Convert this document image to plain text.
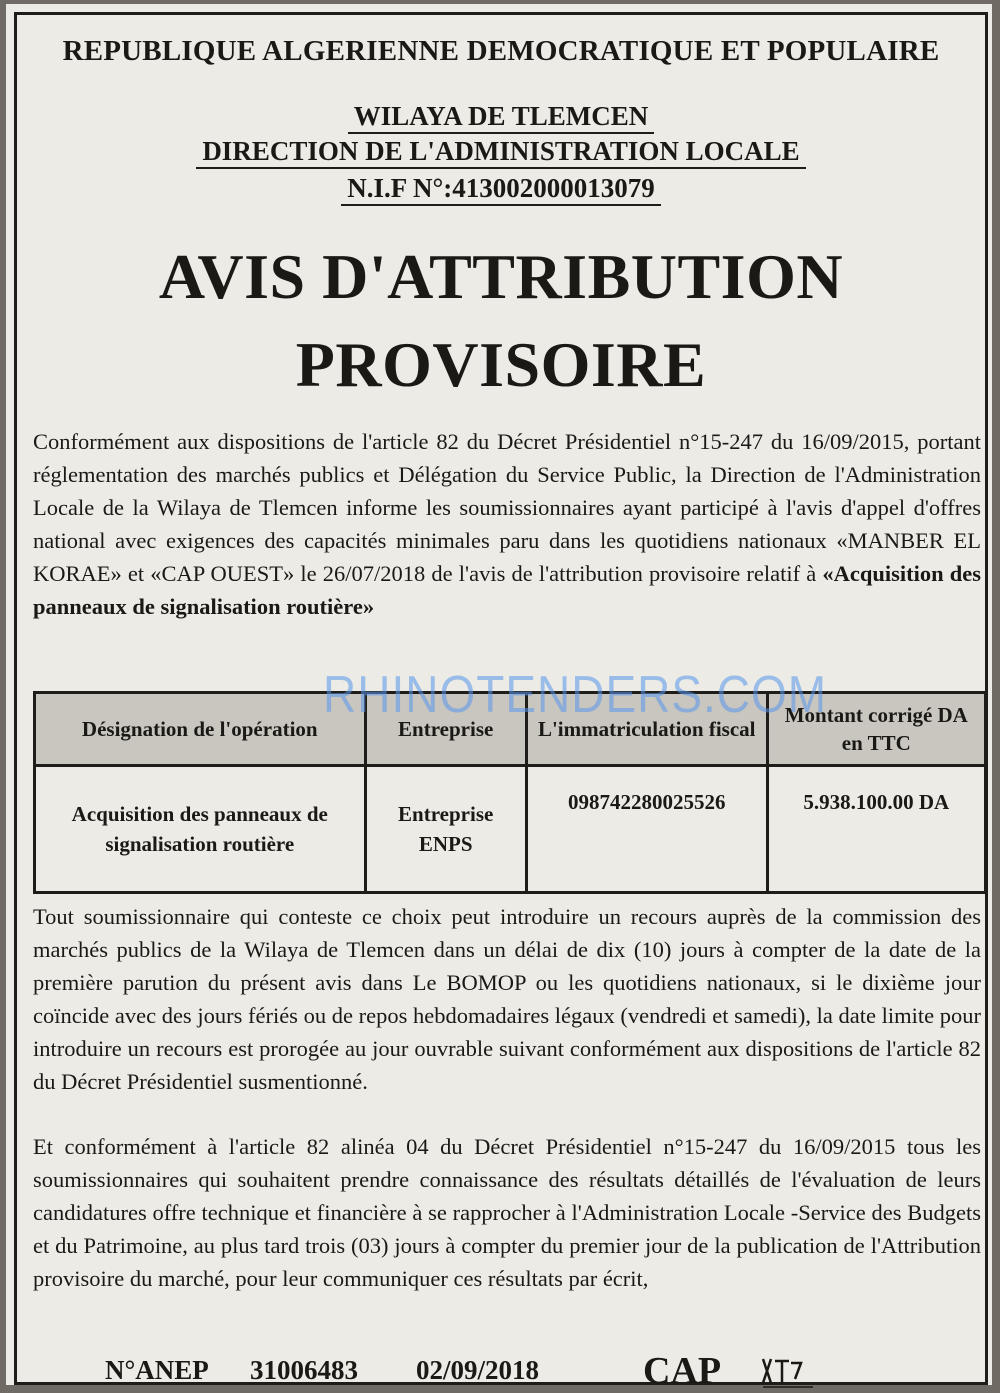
REPUBLIQUE ALGERIENNE DEMOCRATIQUE ET POPULAIRE
WILAYA DE TLEMCEN
DIRECTION DE L'ADMINISTRATION LOCALE
N.I.F N°:413002000013079
AVIS D'ATTRIBUTION
PROVISOIRE

Conformément aux dispositions de l'article 82 du Décret Présidentiel n°15-247 du 16/09/2015, portant réglementation des marchés publics et Délégation du Service Public, la Direction de l'Administration Locale de la Wilaya de Tlemcen informe les soumissionnaires ayant participé à l'avis d'appel d'offres national avec exigences des capacités minimales paru dans les quotidiens nationaux «MANBER EL KORAE» et «CAP OUEST» le 26/07/2018 de l'avis de l'attribution provisoire relatif à «Acquisition des panneaux de signalisation routière»

Désignation de l'opération	Entreprise	L'immatriculation fiscal	Montant corrigé DA en TTC
Acquisition des panneaux de signalisation routière	Entreprise ENPS	098742280025526	5.938.100.00 DA
RHINOTENDERS.COM

Tout soumissionnaire qui conteste ce choix peut introduire un recours auprès de la commission des marchés publics de la Wilaya de Tlemcen dans un délai de dix (10) jours à compter de la date de la première parution du présent avis dans Le BOMOP ou les quotidiens nationaux, si le dixième jour coïncide avec des jours fériés ou de repos hebdomadaires légaux (vendredi et samedi), la date limite pour introduire un recours est prorogée au jour ouvrable suivant conformément aux dispositions de l'article 82 du Décret Présidentiel susmentionné.

Et conformément à l'article 82 alinéa 04 du Décret Présidentiel n°15-247 du 16/09/2015 tous les soumissionnaires qui souhaitent prendre connaissance des résultats détaillés de l'évaluation de leurs candidatures offre technique et financière à se rapprocher à l'Administration Locale -Service des Budgets et du Patrimoine, au plus tard trois (03) jours à compter du premier jour de la publication de l'Attribution provisoire du marché, pour leur communiquer ces résultats par écrit,

N°ANEP 31006483 02/09/2018	CAP
